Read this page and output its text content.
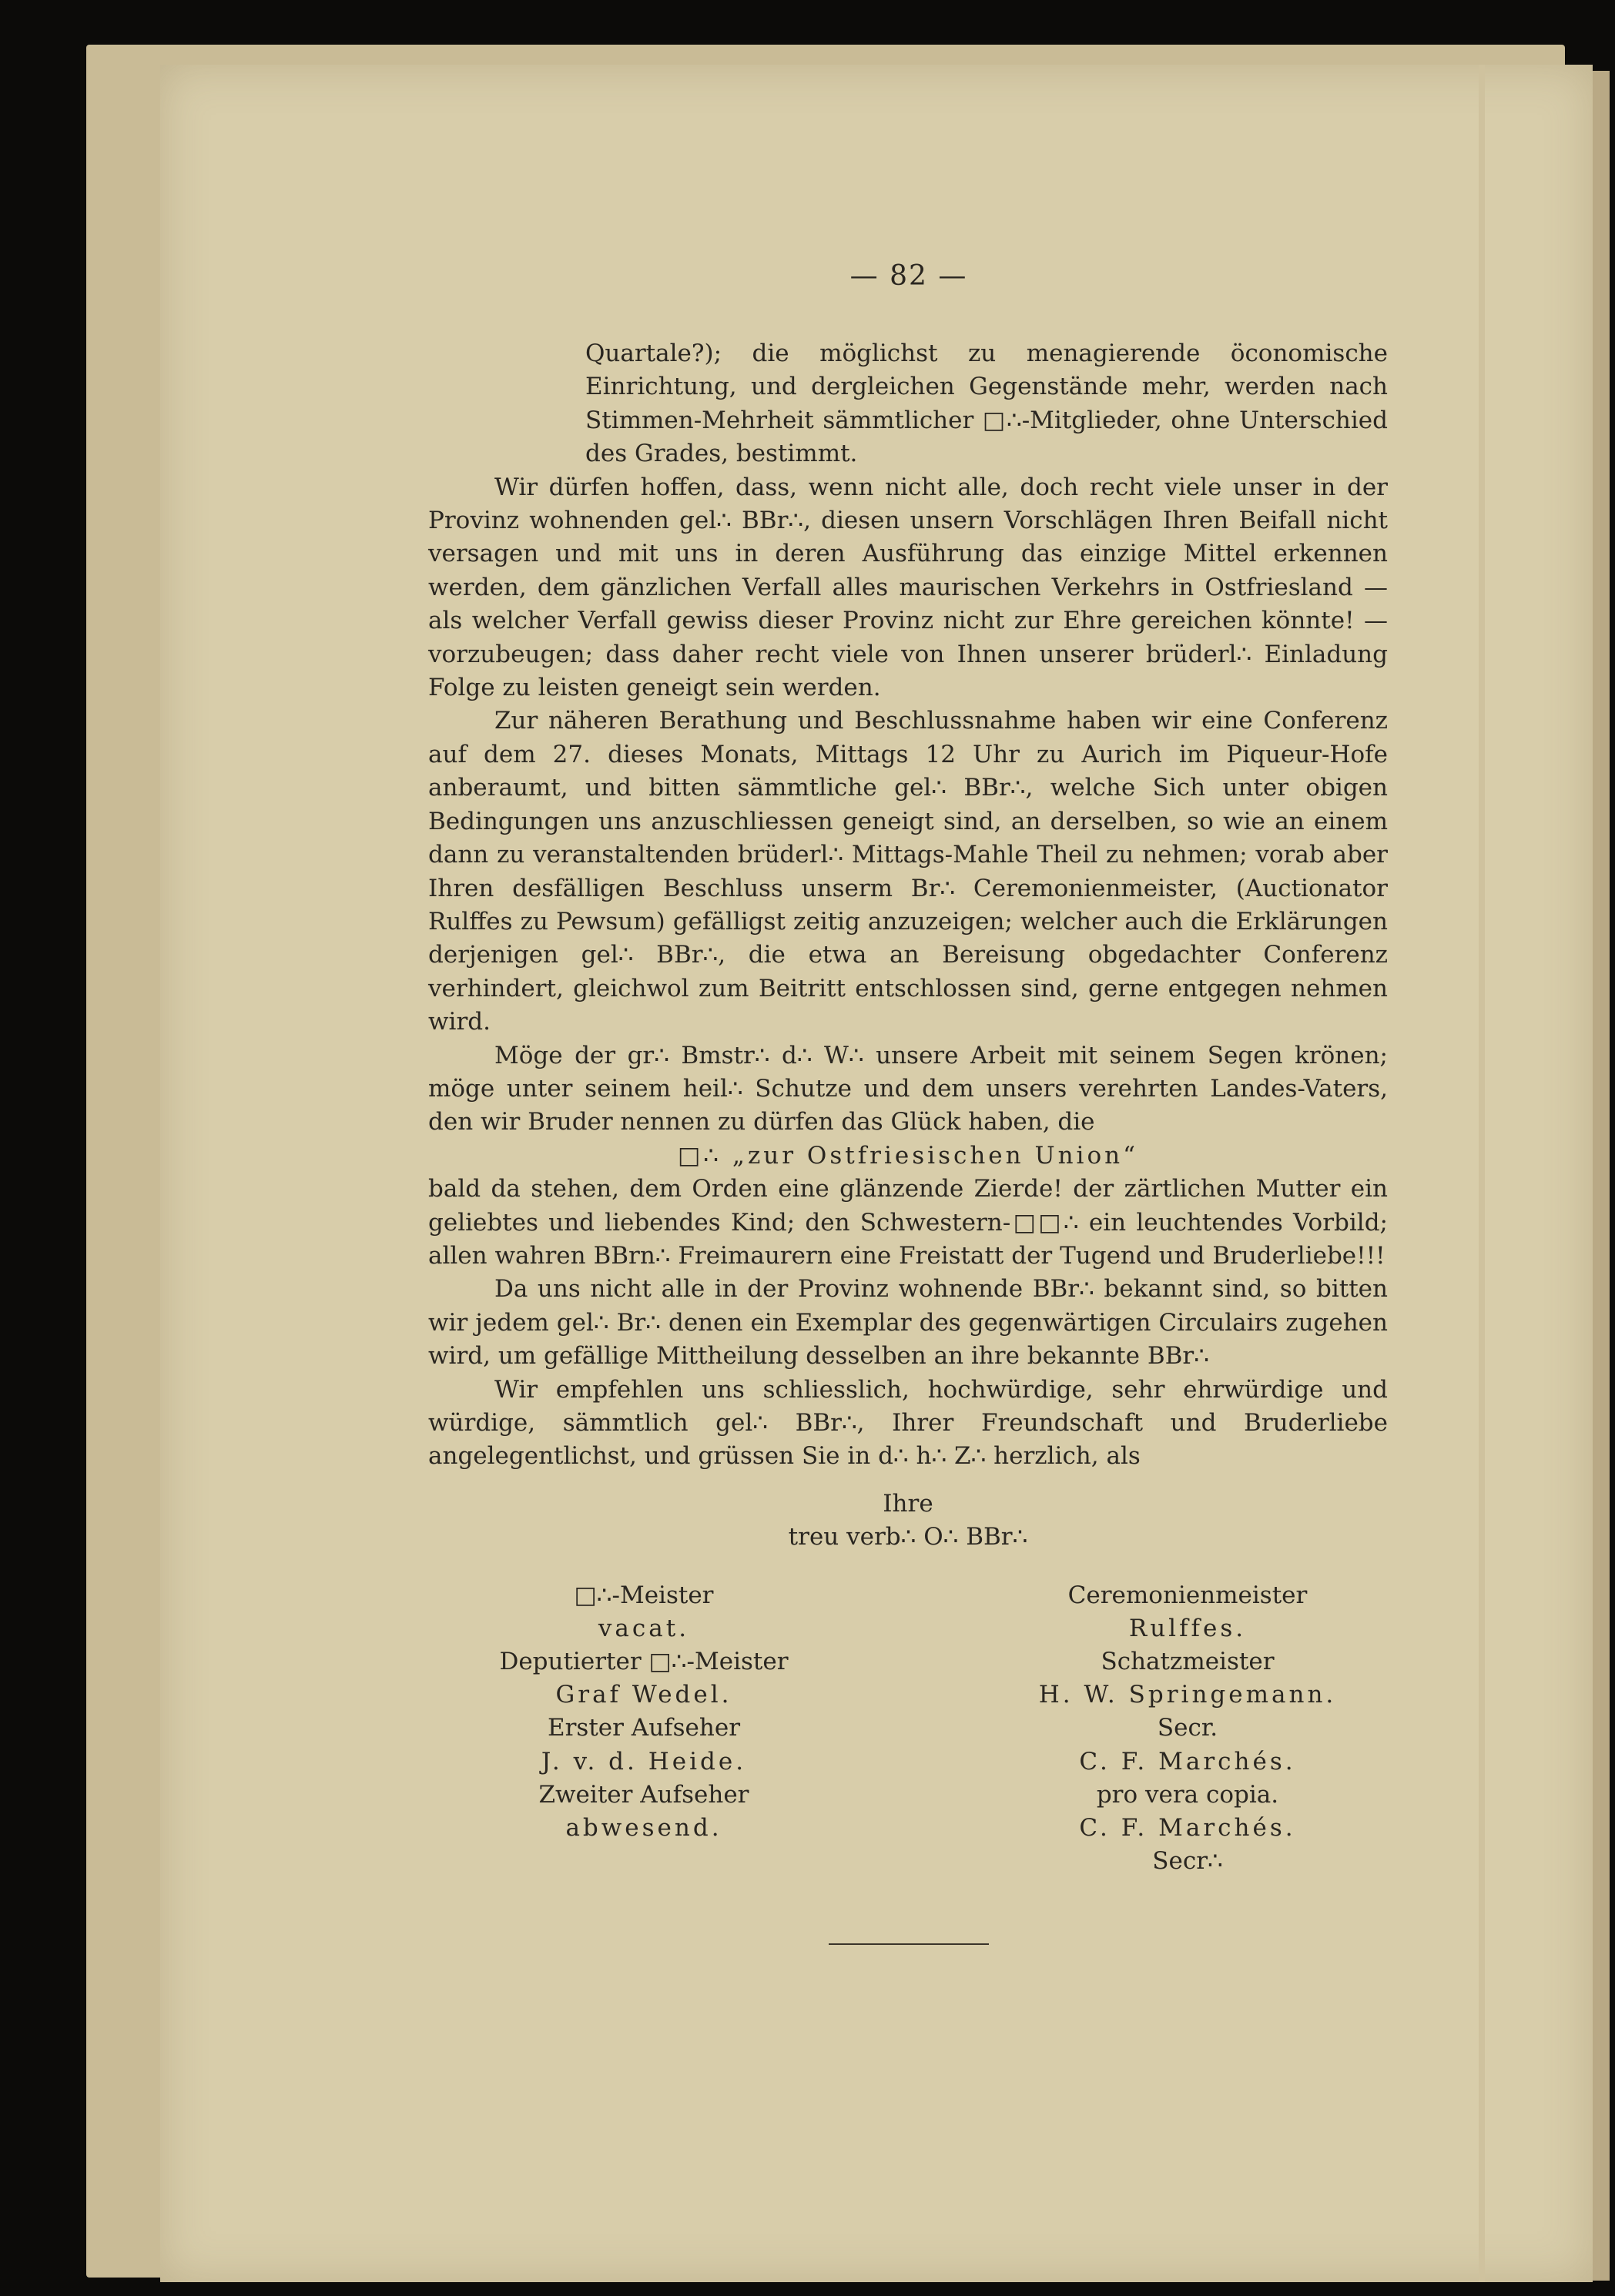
— 82 —

Quartale?); die möglichst zu menagierende öconomische Einrichtung, und dergleichen Gegenstände mehr, werden nach Stimmen-Mehrheit sämmtlicher □∴-Mitglieder, ohne Unterschied des Grades, bestimmt.

Wir dürfen hoffen, dass, wenn nicht alle, doch recht viele unser in der Provinz wohnenden gel∴ BBr∴, diesen unsern Vorschlägen Ihren Beifall nicht versagen und mit uns in deren Ausführung das einzige Mittel erkennen werden, dem gänzlichen Verfall alles maurischen Verkehrs in Ostfriesland — als welcher Verfall gewiss dieser Provinz nicht zur Ehre gereichen könnte! — vorzubeugen; dass daher recht viele von Ihnen unserer brüderl∴ Einladung Folge zu leisten geneigt sein werden.

Zur näheren Berathung und Beschlussnahme haben wir eine Conferenz auf dem 27. dieses Monats, Mittags 12 Uhr zu Aurich im Piqueur-Hofe anberaumt, und bitten sämmtliche gel∴ BBr∴, welche Sich unter obigen Bedingungen uns anzuschliessen geneigt sind, an derselben, so wie an einem dann zu veranstaltenden brüderl∴ Mittags-Mahle Theil zu nehmen; vorab aber Ihren desfälligen Beschluss unserm Br∴ Ceremonienmeister, (Auctionator Rulffes zu Pewsum) gefälligst zeitig anzuzeigen; welcher auch die Erklärungen derjenigen gel∴ BBr∴, die etwa an Bereisung obgedachter Conferenz verhindert, gleichwol zum Beitritt entschlossen sind, gerne entgegen nehmen wird.

Möge der gr∴ Bmstr∴ d∴ W∴ unsere Arbeit mit seinem Segen krönen; möge unter seinem heil∴ Schutze und dem unsers verehrten Landes-Vaters, den wir Bruder nennen zu dürfen das Glück haben, die

□∴ „zur Ostfriesischen Union“

bald da stehen, dem Orden eine glänzende Zierde! der zärtlichen Mutter ein geliebtes und liebendes Kind; den Schwestern-□□∴ ein leuchtendes Vorbild; allen wahren BBrn∴ Freimaurern eine Freistatt der Tugend und Bruderliebe!!!

Da uns nicht alle in der Provinz wohnende BBr∴ bekannt sind, so bitten wir jedem gel∴ Br∴ denen ein Exemplar des gegenwärtigen Circulairs zugehen wird, um gefällige Mittheilung desselben an ihre bekannte BBr∴

Wir empfehlen uns schliesslich, hochwürdige, sehr ehrwürdige und würdige, sämmtlich gel∴ BBr∴, Ihrer Freundschaft und Bruderliebe angelegentlichst, und grüssen Sie in d∴ h∴ Z∴ herzlich, als

Ihre
treu verb∴ O∴ BBr∴
□∴-Meister
vacat.
Deputierter □∴-Meister
Graf Wedel.
Erster Aufseher
J. v. d. Heide.
Zweiter Aufseher
abwesend.
Ceremonienmeister
Rulffes.
Schatzmeister
H. W. Springemann.
Secr.
C. F. Marchés.
pro vera copia.
C. F. Marchés.
Secr∴
